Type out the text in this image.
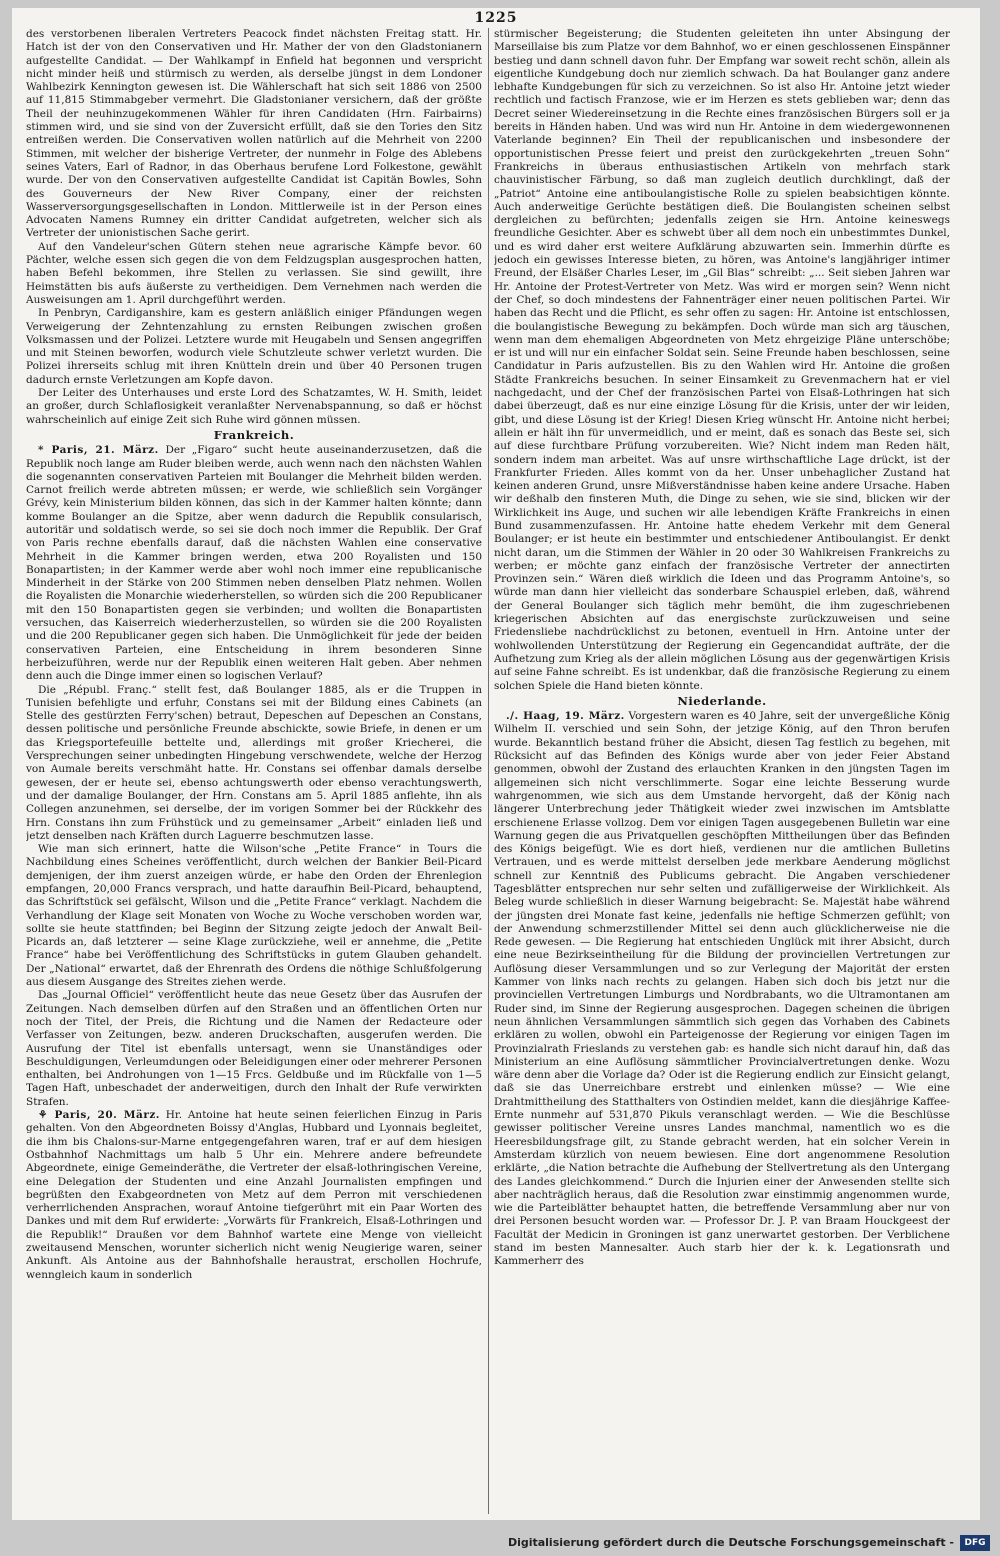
1225

des verstorbenen liberalen Vertreters Peacock findet nächsten Freitag statt. Hr. Hatch ist der von den Conservativen und Hr. Mather der von den Gladstonianern aufgestellte Candidat. — Der Wahlkampf in Enfield hat begonnen und verspricht nicht minder heiß und stürmisch zu werden, als derselbe jüngst in dem Londoner Wahlbezirk Kennington gewesen ist. Die Wählerschaft hat sich seit 1886 von 2500 auf 11,815 Stimmabgeber vermehrt. Die Gladstonianer versichern, daß der größte Theil der neuhinzugekommenen Wähler für ihren Candidaten (Hrn. Fairbairns) stimmen wird, und sie sind von der Zuversicht erfüllt, daß sie den Tories den Sitz entreißen werden. Die Conservativen wollen natürlich auf die Mehrheit von 2200 Stimmen, mit welcher der bisherige Vertreter, der nunmehr in Folge des Ablebens seines Vaters, Earl of Radnor, in das Oberhaus berufene Lord Folkestone, gewählt wurde. Der von den Conservativen aufgestellte Candidat ist Capitän Bowles, Sohn des Gouverneurs der New River Company, einer der reichsten Wasserversorgungsgesellschaften in London. Mittlerweile ist in der Person eines Advocaten Namens Rumney ein dritter Candidat aufgetreten, welcher sich als Vertreter der unionistischen Sache gerirt.

Auf den Vandeleur'schen Gütern stehen neue agrarische Kämpfe bevor. 60 Pächter, welche essen sich gegen die von dem Feldzugsplan ausgesprochen hatten, haben Befehl bekommen, ihre Stellen zu verlassen. Sie sind gewillt, ihre Heimstätten bis aufs äußerste zu vertheidigen. Dem Vernehmen nach werden die Ausweisungen am 1. April durchgeführt werden.

In Penbryn, Cardiganshire, kam es gestern anläßlich einiger Pfändungen wegen Verweigerung der Zehntenzahlung zu ernsten Reibungen zwischen großen Volksmassen und der Polizei. Letztere wurde mit Heugabeln und Sensen angegriffen und mit Steinen beworfen, wodurch viele Schutzleute schwer verletzt wurden. Die Polizei ihrerseits schlug mit ihren Knütteln drein und über 40 Personen trugen dadurch ernste Verletzungen am Kopfe davon.

Der Leiter des Unterhauses und erste Lord des Schatzamtes, W. H. Smith, leidet an großer, durch Schlaflosigkeit veranlaßter Nervenabspannung, so daß er höchst wahrscheinlich auf einige Zeit sich Ruhe wird gönnen müssen.

Frankreich.

* Paris, 21. März. Der „Figaro“ sucht heute auseinanderzusetzen, daß die Republik noch lange am Ruder bleiben werde, auch wenn nach den nächsten Wahlen die sogenannten conservativen Parteien mit Boulanger die Mehrheit bilden werden. Carnot freilich werde abtreten müssen; er werde, wie schließlich sein Vorgänger Grévy, kein Ministerium bilden können, das sich in der Kammer halten könnte; dann komme Boulanger an die Spitze, aber wenn dadurch die Republik consularisch, autoritär und soldatisch werde, so sei sie doch noch immer die Republik. Der Graf von Paris rechne ebenfalls darauf, daß die nächsten Wahlen eine conservative Mehrheit in die Kammer bringen werden, etwa 200 Royalisten und 150 Bonapartisten; in der Kammer werde aber wohl noch immer eine republicanische Minderheit in der Stärke von 200 Stimmen neben denselben Platz nehmen. Wollen die Royalisten die Monarchie wiederherstellen, so würden sich die 200 Republicaner mit den 150 Bonapartisten gegen sie verbinden; und wollten die Bonapartisten versuchen, das Kaiserreich wiederherzustellen, so würden sie die 200 Royalisten und die 200 Republicaner gegen sich haben. Die Unmöglichkeit für jede der beiden conservativen Parteien, eine Entscheidung in ihrem besonderen Sinne herbeizuführen, werde nur der Republik einen weiteren Halt geben. Aber nehmen denn auch die Dinge immer einen so logischen Verlauf?

Die „Républ. Franç.“ stellt fest, daß Boulanger 1885, als er die Truppen in Tunisien befehligte und erfuhr, Constans sei mit der Bildung eines Cabinets (an Stelle des gestürzten Ferry'schen) betraut, Depeschen auf Depeschen an Constans, dessen politische und persönliche Freunde abschickte, sowie Briefe, in denen er um das Kriegsportefeuille bettelte und, allerdings mit großer Kriecherei, die Versprechungen seiner unbedingten Hingebung verschwendete, welche der Herzog von Aumale bereits verschmäht hatte. Hr. Constans sei offenbar damals derselbe gewesen, der er heute sei, ebenso achtungswerth oder ebenso verachtungswerth, und der damalige Boulanger, der Hrn. Constans am 5. April 1885 anflehte, ihn als Collegen anzunehmen, sei derselbe, der im vorigen Sommer bei der Rückkehr des Hrn. Constans ihn zum Frühstück und zu gemeinsamer „Arbeit“ einladen ließ und jetzt denselben nach Kräften durch Laguerre beschmutzen lasse.

Wie man sich erinnert, hatte die Wilson'sche „Petite France“ in Tours die Nachbildung eines Scheines veröffentlicht, durch welchen der Bankier Beil-Picard demjenigen, der ihm zuerst anzeigen würde, er habe den Orden der Ehrenlegion empfangen, 20,000 Francs versprach, und hatte daraufhin Beil-Picard, behauptend, das Schriftstück sei gefälscht, Wilson und die „Petite France“ verklagt. Nachdem die Verhandlung der Klage seit Monaten von Woche zu Woche verschoben worden war, sollte sie heute stattfinden; bei Beginn der Sitzung zeigte jedoch der Anwalt Beil-Picards an, daß letzterer — seine Klage zurückziehe, weil er annehme, die „Petite France“ habe bei Veröffentlichung des Schriftstücks in gutem Glauben gehandelt. Der „National“ erwartet, daß der Ehrenrath des Ordens die nöthige Schlußfolgerung aus diesem Ausgange des Streites ziehen werde.

Das „Journal Officiel“ veröffentlicht heute das neue Gesetz über das Ausrufen der Zeitungen. Nach demselben dürfen auf den Straßen und an öffentlichen Orten nur noch der Titel, der Preis, die Richtung und die Namen der Redacteure oder Verfasser von Zeitungen, bezw. anderen Druckschaften, ausgerufen werden. Die Ausrufung der Titel ist ebenfalls untersagt, wenn sie Unanständiges oder Beschuldigungen, Verleumdungen oder Beleidigungen einer oder mehrerer Personen enthalten, bei Androhungen von 1—15 Frcs. Geldbuße und im Rückfalle von 1—5 Tagen Haft, unbeschadet der anderweitigen, durch den Inhalt der Rufe verwirkten Strafen.

⚘ Paris, 20. März. Hr. Antoine hat heute seinen feierlichen Einzug in Paris gehalten. Von den Abgeordneten Boissy d'Anglas, Hubbard und Lyonnais begleitet, die ihm bis Chalons-sur-Marne entgegengefahren waren, traf er auf dem hiesigen Ostbahnhof Nachmittags um halb 5 Uhr ein. Mehrere andere befreundete Abgeordnete, einige Gemeinderäthe, die Vertreter der elsaß-lothringischen Vereine, eine Delegation der Studenten und eine Anzahl Journalisten empfingen und begrüßten den Exabgeordneten von Metz auf dem Perron mit verschiedenen verherrlichenden Ansprachen, worauf Antoine tiefgerührt mit ein Paar Worten des Dankes und mit dem Ruf erwiderte: „Vorwärts für Frankreich, Elsaß-Lothringen und die Republik!“ Draußen vor dem Bahnhof wartete eine Menge von vielleicht zweitausend Menschen, worunter sicherlich nicht wenig Neugierige waren, seiner Ankunft. Als Antoine aus der Bahnhofshalle heraustrat, erschollen Hochrufe, wenngleich kaum in sonderlich

stürmischer Begeisterung; die Studenten geleiteten ihn unter Absingung der Marseillaise bis zum Platze vor dem Bahnhof, wo er einen geschlossenen Einspänner bestieg und dann schnell davon fuhr. Der Empfang war soweit recht schön, allein als eigentliche Kundgebung doch nur ziemlich schwach. Da hat Boulanger ganz andere lebhafte Kundgebungen für sich zu verzeichnen. So ist also Hr. Antoine jetzt wieder rechtlich und factisch Franzose, wie er im Herzen es stets geblieben war; denn das Decret seiner Wiedereinsetzung in die Rechte eines französischen Bürgers soll er ja bereits in Händen haben. Und was wird nun Hr. Antoine in dem wiedergewonnenen Vaterlande beginnen? Ein Theil der republicanischen und insbesondere der opportunistischen Presse feiert und preist den zurückgekehrten „treuen Sohn“ Frankreichs in überaus enthusiastischen Artikeln von mehrfach stark chauvinistischer Färbung, so daß man zugleich deutlich durchklingt, daß der „Patriot“ Antoine eine antiboulangistische Rolle zu spielen beabsichtigen könnte. Auch anderweitige Gerüchte bestätigen dieß. Die Boulangisten scheinen selbst dergleichen zu befürchten; jedenfalls zeigen sie Hrn. Antoine keineswegs freundliche Gesichter. Aber es schwebt über all dem noch ein unbestimmtes Dunkel, und es wird daher erst weitere Aufklärung abzuwarten sein. Immerhin dürfte es jedoch ein gewisses Interesse bieten, zu hören, was Antoine's langjähriger intimer Freund, der Elsäßer Charles Leser, im „Gil Blas“ schreibt: „... Seit sieben Jahren war Hr. Antoine der Protest-Vertreter von Metz. Was wird er morgen sein? Wenn nicht der Chef, so doch mindestens der Fahnenträger einer neuen politischen Partei. Wir haben das Recht und die Pflicht, es sehr offen zu sagen: Hr. Antoine ist entschlossen, die boulangistische Bewegung zu bekämpfen. Doch würde man sich arg täuschen, wenn man dem ehemaligen Abgeordneten von Metz ehrgeizige Pläne unterschöbe; er ist und will nur ein einfacher Soldat sein. Seine Freunde haben beschlossen, seine Candidatur in Paris aufzustellen. Bis zu den Wahlen wird Hr. Antoine die großen Städte Frankreichs besuchen. In seiner Einsamkeit zu Grevenmachern hat er viel nachgedacht, und der Chef der französischen Partei von Elsaß-Lothringen hat sich dabei überzeugt, daß es nur eine einzige Lösung für die Krisis, unter der wir leiden, gibt, und diese Lösung ist der Krieg! Diesen Krieg wünscht Hr. Antoine nicht herbei; allein er hält ihn für unvermeidlich, und er meint, daß es sonach das Beste sei, sich auf diese furchtbare Prüfung vorzubereiten. Wie? Nicht indem man Reden hält, sondern indem man arbeitet. Was auf unsre wirthschaftliche Lage drückt, ist der Frankfurter Frieden. Alles kommt von da her. Unser unbehaglicher Zustand hat keinen anderen Grund, unsre Mißverständnisse haben keine andere Ursache. Haben wir deßhalb den finsteren Muth, die Dinge zu sehen, wie sie sind, blicken wir der Wirklichkeit ins Auge, und suchen wir alle lebendigen Kräfte Frankreichs in einen Bund zusammenzufassen. Hr. Antoine hatte ehedem Verkehr mit dem General Boulanger; er ist heute ein bestimmter und entschiedener Antiboulangist. Er denkt nicht daran, um die Stimmen der Wähler in 20 oder 30 Wahlkreisen Frankreichs zu werben; er möchte ganz einfach der französische Vertreter der annectirten Provinzen sein.“ Wären dieß wirklich die Ideen und das Programm Antoine's, so würde man dann hier vielleicht das sonderbare Schauspiel erleben, daß, während der General Boulanger sich täglich mehr bemüht, die ihm zugeschriebenen kriegerischen Absichten auf das energischste zurückzuweisen und seine Friedensliebe nachdrücklichst zu betonen, eventuell in Hrn. Antoine unter der wohlwollenden Unterstützung der Regierung ein Gegencandidat aufträte, der die Aufhetzung zum Krieg als der allein möglichen Lösung aus der gegenwärtigen Krisis auf seine Fahne schreibt. Es ist undenkbar, daß die französische Regierung zu einem solchen Spiele die Hand bieten könnte.

Niederlande.

./. Haag, 19. März. Vorgestern waren es 40 Jahre, seit der unvergeßliche König Wilhelm II. verschied und sein Sohn, der jetzige König, auf den Thron berufen wurde. Bekanntlich bestand früher die Absicht, diesen Tag festlich zu begehen, mit Rücksicht auf das Befinden des Königs wurde aber von jeder Feier Abstand genommen, obwohl der Zustand des erlauchten Kranken in den jüngsten Tagen im allgemeinen sich nicht verschlimmerte. Sogar eine leichte Besserung wurde wahrgenommen, wie sich aus dem Umstande hervorgeht, daß der König nach längerer Unterbrechung jeder Thätigkeit wieder zwei inzwischen im Amtsblatte erschienene Erlasse vollzog. Dem vor einigen Tagen ausgegebenen Bulletin war eine Warnung gegen die aus Privatquellen geschöpften Mittheilungen über das Befinden des Königs beigefügt. Wie es dort hieß, verdienen nur die amtlichen Bulletins Vertrauen, und es werde mittelst derselben jede merkbare Aenderung möglichst schnell zur Kenntniß des Publicums gebracht. Die Angaben verschiedener Tagesblätter entsprechen nur sehr selten und zufälligerweise der Wirklichkeit. Als Beleg wurde schließlich in dieser Warnung beigebracht: Se. Majestät habe während der jüngsten drei Monate fast keine, jedenfalls nie heftige Schmerzen gefühlt; von der Anwendung schmerzstillender Mittel sei denn auch glücklicherweise nie die Rede gewesen. — Die Regierung hat entschieden Unglück mit ihrer Absicht, durch eine neue Bezirkseintheilung für die Bildung der provinciellen Vertretungen zur Auflösung dieser Versammlungen und so zur Verlegung der Majorität der ersten Kammer von links nach rechts zu gelangen. Haben sich doch bis jetzt nur die provinciellen Vertretungen Limburgs und Nordbrabants, wo die Ultramontanen am Ruder sind, im Sinne der Regierung ausgesprochen. Dagegen scheinen die übrigen neun ähnlichen Versammlungen sämmtlich sich gegen das Vorhaben des Cabinets erklären zu wollen, obwohl ein Parteigenosse der Regierung vor einigen Tagen im Provinzialrath Frieslands zu verstehen gab: es handle sich nicht darauf hin, daß das Ministerium an eine Auflösung sämmtlicher Provincialvertretungen denke. Wozu wäre denn aber die Vorlage da? Oder ist die Regierung endlich zur Einsicht gelangt, daß sie das Unerreichbare erstrebt und einlenken müsse? — Wie eine Drahtmittheilung des Statthalters von Ostindien meldet, kann die diesjährige Kaffee-Ernte nunmehr auf 531,870 Pikuls veranschlagt werden. — Wie die Beschlüsse gewisser politischer Vereine unsres Landes manchmal, namentlich wo es die Heeresbildungsfrage gilt, zu Stande gebracht werden, hat ein solcher Verein in Amsterdam kürzlich von neuem bewiesen. Eine dort angenommene Resolution erklärte, „die Nation betrachte die Aufhebung der Stellvertretung als den Untergang des Landes gleichkommend.“ Durch die Injurien einer der Anwesenden stellte sich aber nachträglich heraus, daß die Resolution zwar einstimmig angenommen wurde, wie die Parteiblätter behauptet hatten, die betreffende Versammlung aber nur von drei Personen besucht worden war. — Professor Dr. J. P. van Braam Houckgeest der Facultät der Medicin in Groningen ist ganz unerwartet gestorben. Der Verblichene stand im besten Mannesalter. Auch starb hier der k. k. Legationsrath und Kammerherr des

Digitalisierung gefördert durch die Deutsche Forschungsgemeinschaft -	DFG
